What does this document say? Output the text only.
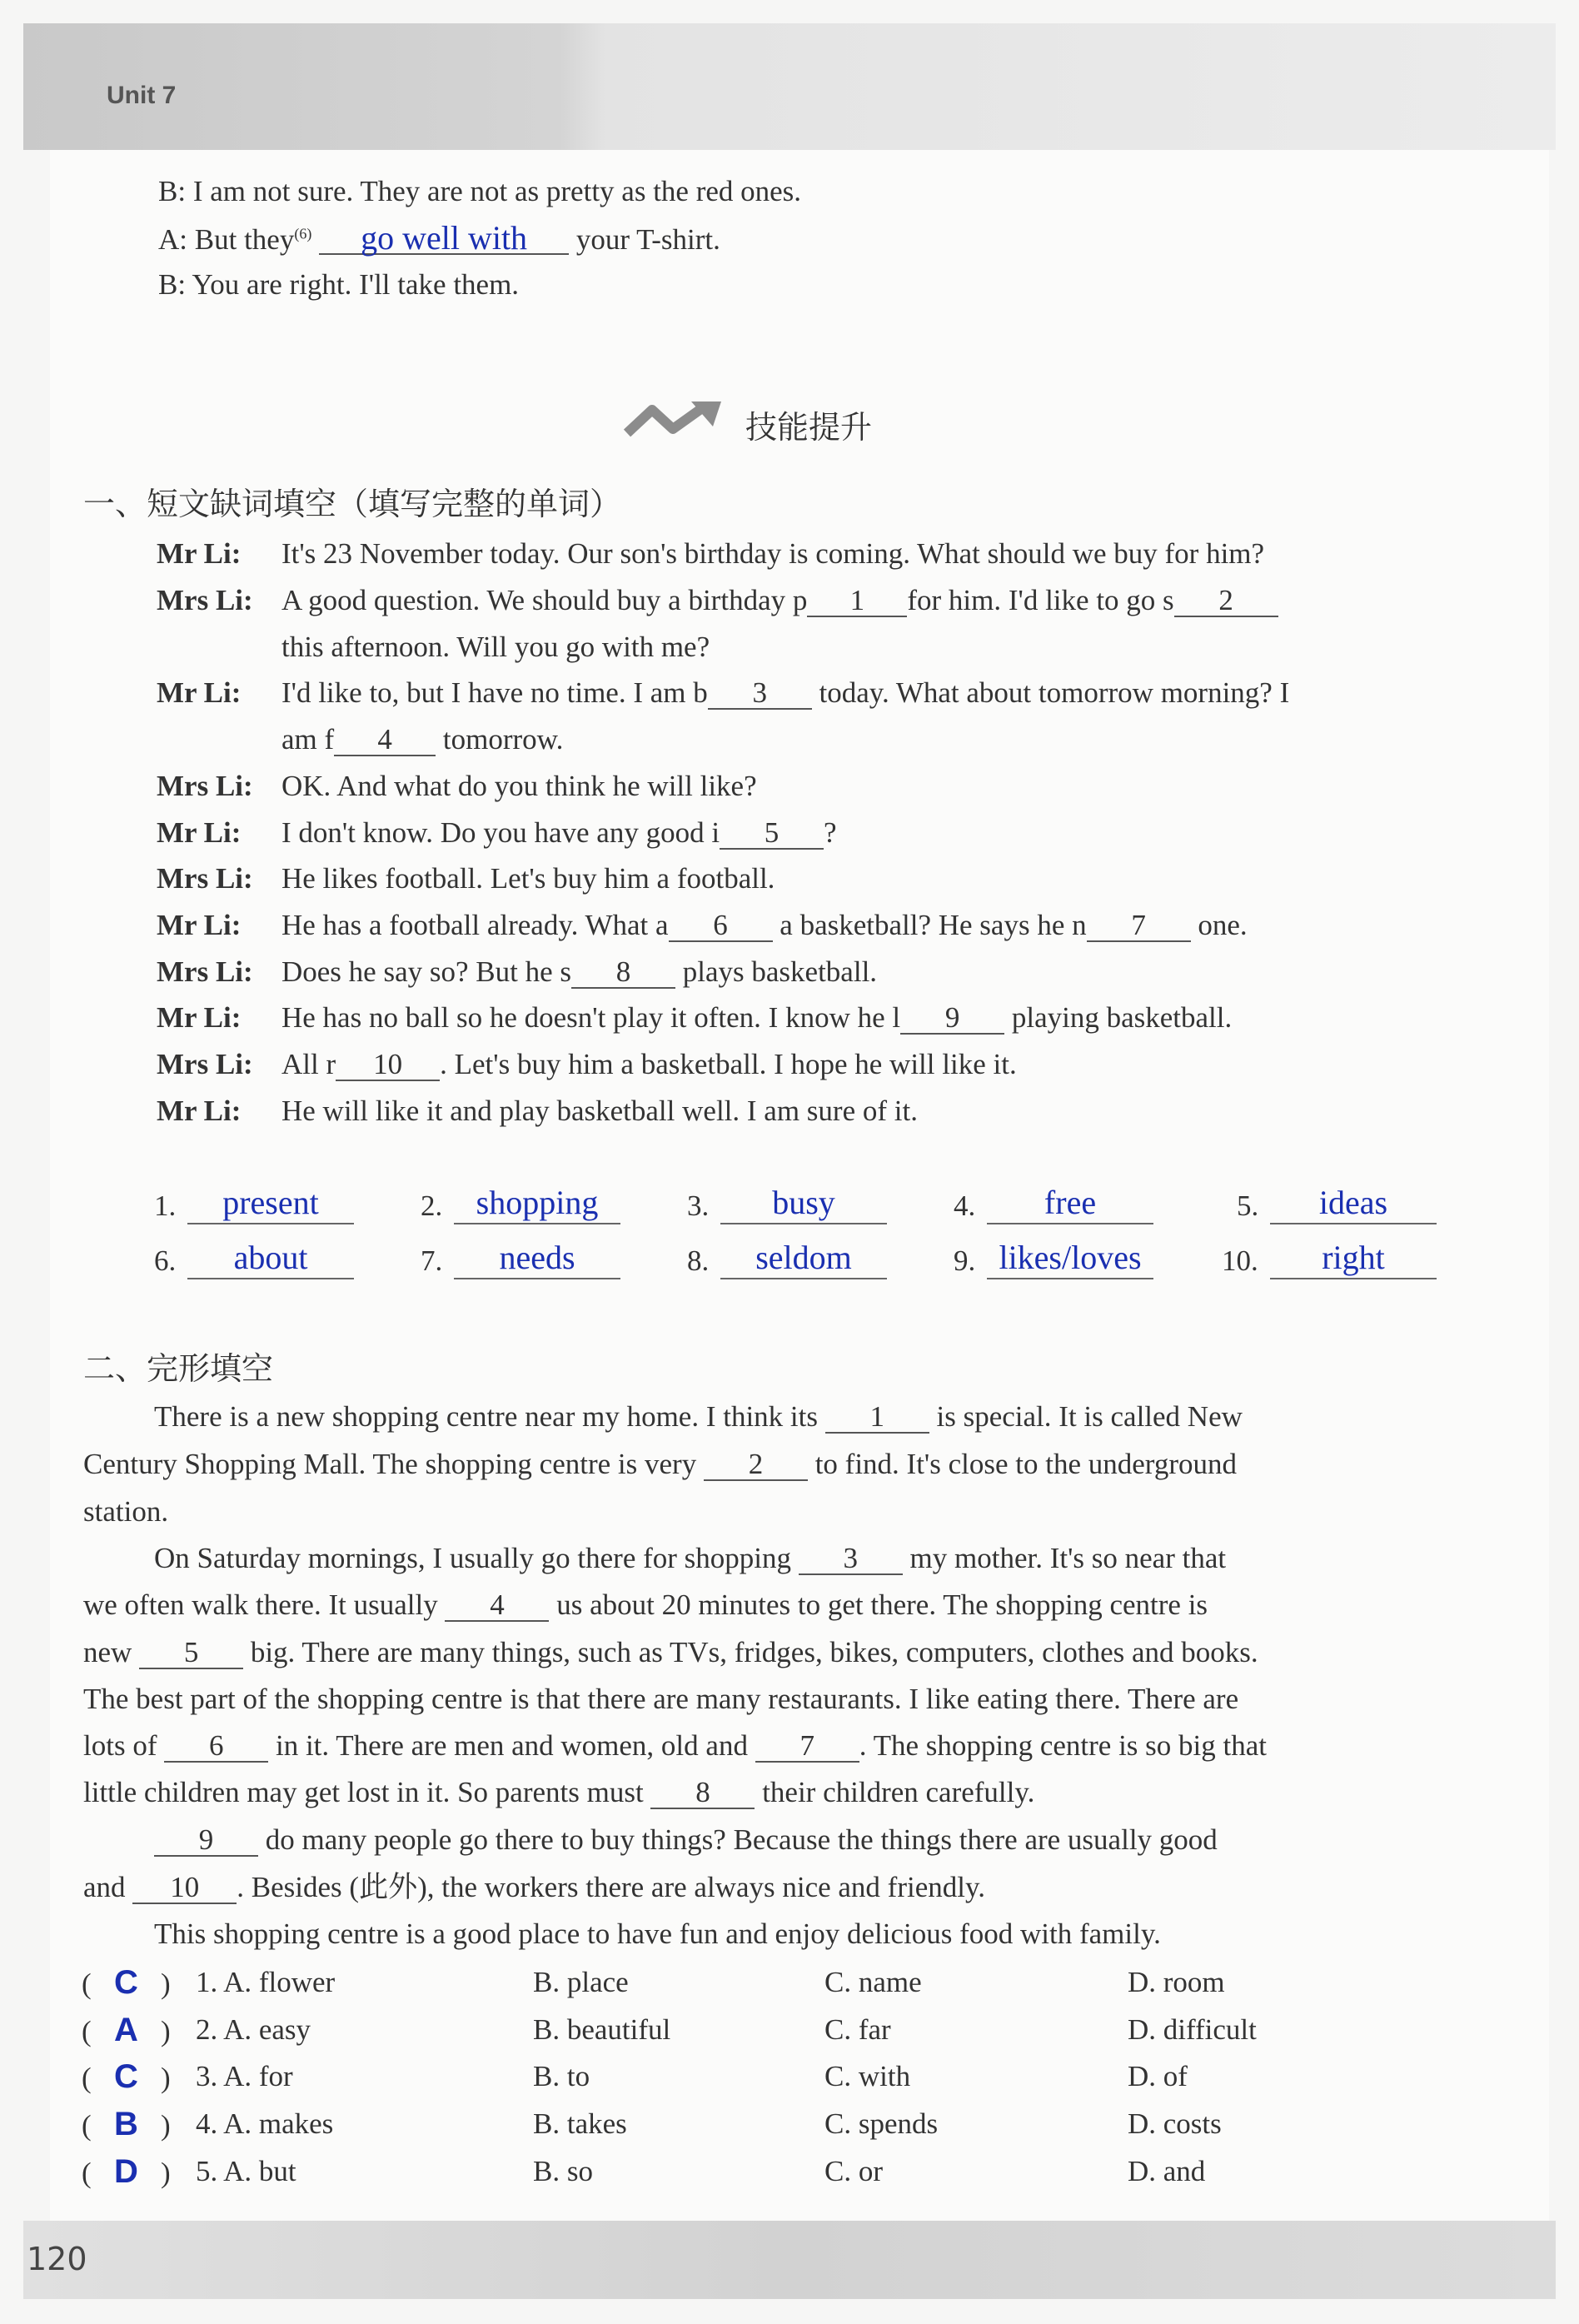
Unit 7
120
B: I am not sure. They are not as pretty as the red ones.
A: But they$^{(6)}$ go well with your T-shirt.
B: You are right. I'll take them.
技能提升
一、短文缺词填空（填写完整的单词）
Mr Li: It's 23 November today. Our son's birthday is coming. What should we buy for him?
Mrs Li: A good question. We should buy a birthday p 1 for him. I'd like to go s 2
this afternoon. Will you go with me?
Mr Li: I'd like to, but I have no time. I am b 3 today. What about tomorrow morning? I
am f 4 tomorrow.
Mrs Li: OK. And what do you think he will like?
Mr Li: I don't know. Do you have any good i 5 ?
Mrs Li: He likes football. Let's buy him a football.
Mr Li: He has a football already. What a 6 a basketball? He says he n 7 one.
Mrs Li: Does he say so? But he s 8 plays basketball.
Mr Li: He has no ball so he doesn't play it often. I know he l 9 playing basketball.
Mrs Li: All r 10 . Let's buy him a basketball. I hope he will like it.
Mr Li: He will like it and play basketball well. I am sure of it.
1.	present	2.	shopping	3.	busy	4.	free	5.	ideas
6.	about	7.	needs	8.	seldom	9. likes/loves	10.	right
二、完形填空
There is a new shopping centre near my home. I think its 1 is special. It is called New
Century Shopping Mall. The shopping centre is very 2 to find. It's close to the underground
station.
On Saturday mornings, I usually go there for shopping 3 my mother. It's so near that
we often walk there. It usually 4 us about 20 minutes to get there. The shopping centre is
new 5 big. There are many things, such as TVs, fridges, bikes, computers, clothes and books.
The best part of the shopping centre is that there are many restaurants. I like eating there. There are
lots of 6 in it. There are men and women, old and 7 . The shopping centre is so big that
little children may get lost in it. So parents must 8 their children carefully.
9 do many people go there to buy things? Because the things there are usually good
and 10 . Besides (此外), the workers there are always nice and friendly.
This shopping centre is a good place to have fun and enjoy delicious food with family.
( C ) 1. A. flower	B. place	C. name	D. room
( A ) 2. A. easy	B. beautiful	C. far	D. difficult
( C ) 3. A. for	B. to	C. with	D. of
( B ) 4. A. makes	B. takes	C. spends	D. costs
( D ) 5. A. but	B. so	C. or	D. and
